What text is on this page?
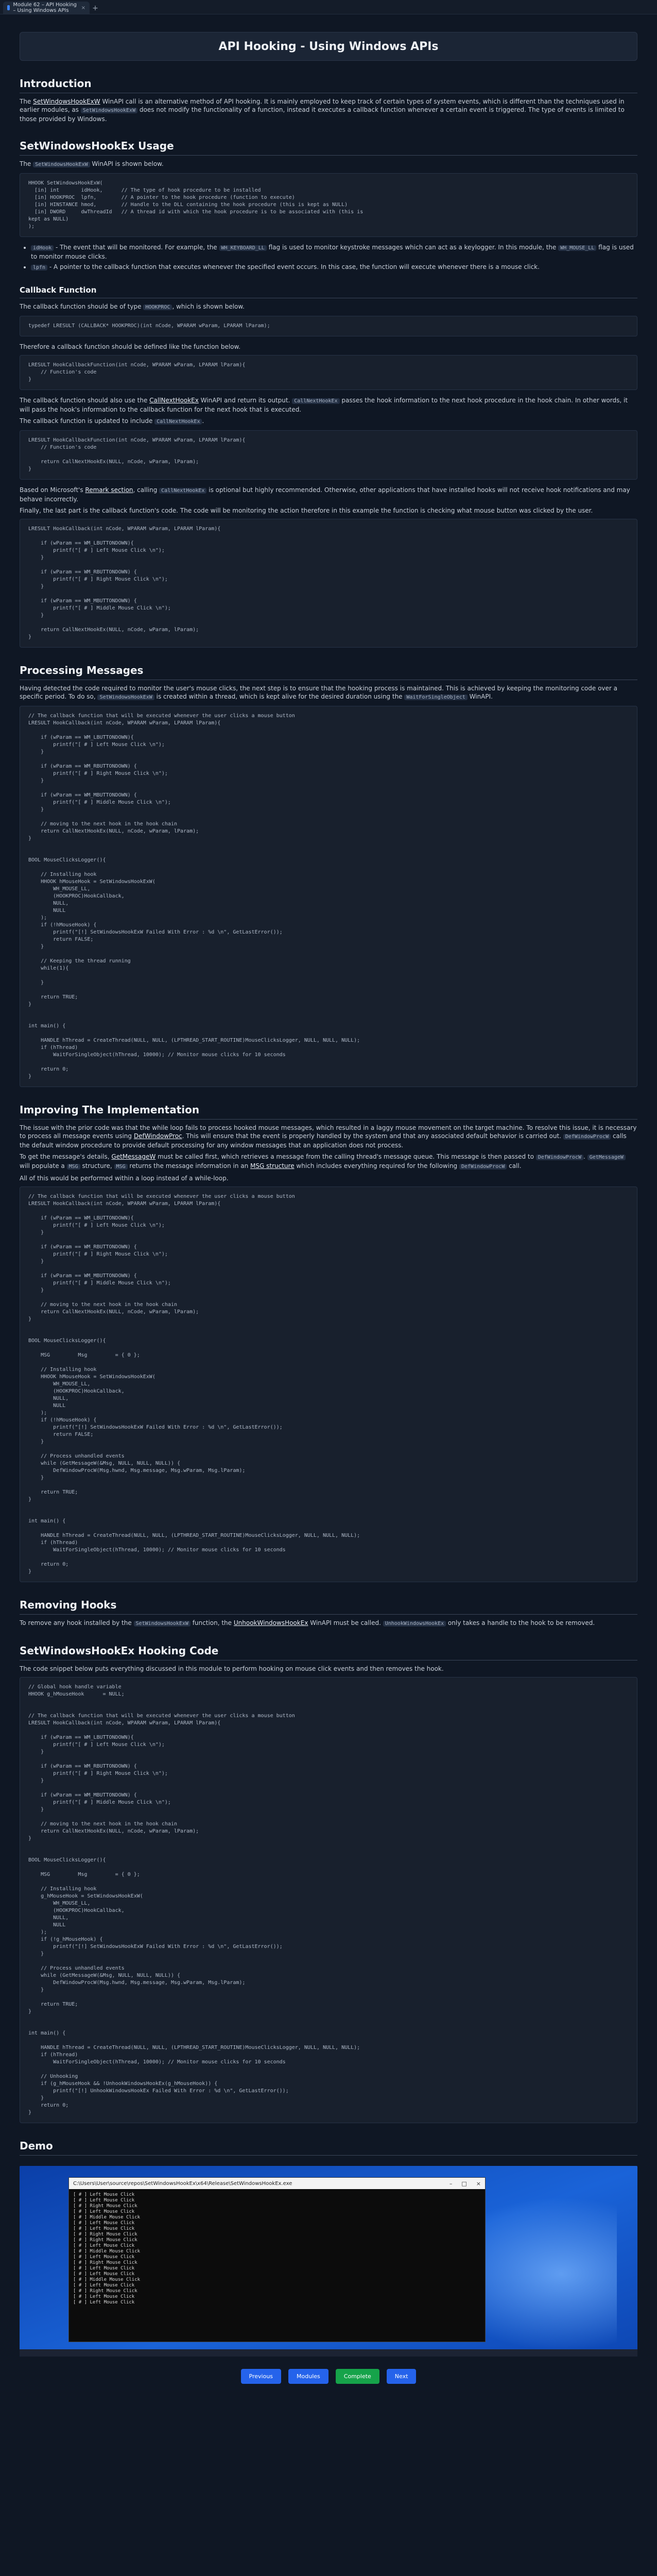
Module 62 – API Hooking – Using Windows APIs	× +
API Hooking - Using Windows APIs
Introduction

The SetWindowsHookExW WinAPI call is an alternative method of API hooking. It is mainly employed to keep track of certain types of system events, which is different than the techniques used in earlier modules, as SetWindowsHookExW does not modify the functionality of a function, instead it executes a callback function whenever a certain event is triggered. The type of events is limited to those provided by Windows.

SetWindowsHookEx Usage

The SetWindowsHookExW WinAPI is shown below.

HHOOK SetWindowsHookExW(
[in] int       idHook,      // The type of hook procedure to be installed
[in] HOOKPROC  lpfn,        // A pointer to the hook procedure (function to execute)
[in] HINSTANCE hmod,        // Handle to the DLL containing the hook procedure (this is kept as NULL)
[in] DWORD     dwThreadId   // A thread id with which the hook procedure is to be associated with (this is
kept as NULL)
);
• idHook - The event that will be monitored. For example, the WH_KEYBOARD_LL flag is used to monitor keystroke messages which can act as a keylogger. In this module, the WH_MOUSE_LL flag is used to monitor mouse clicks.
• lpfn - A pointer to the callback function that executes whenever the specified event occurs. In this case, the function will execute whenever there is a mouse click.
Callback Function

The callback function should be of type HOOKPROC , which is shown below.

typedef LRESULT (CALLBACK* HOOKPROC)(int nCode, WPARAM wParam, LPARAM lParam);

Therefore a callback function should be defined like the function below.

LRESULT HookCallbackFunction(int nCode, WPARAM wParam, LPARAM lParam){
// Function's code
}

The callback function should also use the CallNextHookEx WinAPI and return its output. CallNextHookEx passes the hook information to the next hook procedure in the hook chain. In other words, it will pass the hook's information to the callback function for the next hook that is executed.

The callback function is updated to include CallNextHookEx .

LRESULT HookCallbackFunction(int nCode, WPARAM wParam, LPARAM lParam){
// Function's code

return CallNextHookEx(NULL, nCode, wParam, lParam);
}

Based on Microsoft's Remark section, calling CallNextHookEx is optional but highly recommended. Otherwise, other applications that have installed hooks will not receive hook notifications and may behave incorrectly.

Finally, the last part is the callback function's code. The code will be monitoring the action therefore in this example the function is checking what mouse button was clicked by the user.

LRESULT HookCallback(int nCode, WPARAM wParam, LPARAM lParam){

if (wParam == WM_LBUTTONDOWN){
printf("[ # ] Left Mouse Click \n");
}

if (wParam == WM_RBUTTONDOWN) {
printf("[ # ] Right Mouse Click \n");
}

if (wParam == WM_MBUTTONDOWN) {
printf("[ # ] Middle Mouse Click \n");
}

return CallNextHookEx(NULL, nCode, wParam, lParam);
}
Processing Messages

Having detected the code required to monitor the user's mouse clicks, the next step is to ensure that the hooking process is maintained. This is achieved by keeping the monitoring code over a specific period. To do so, SetWindowsHookExW is created within a thread, which is kept alive for the desired duration using the WaitForSingleObject WinAPI.

// The callback function that will be executed whenever the user clicks a mouse button
LRESULT HookCallback(int nCode, WPARAM wParam, LPARAM lParam){

if (wParam == WM_LBUTTONDOWN){
printf("[ # ] Left Mouse Click \n");
}

if (wParam == WM_RBUTTONDOWN) {
printf("[ # ] Right Mouse Click \n");
}

if (wParam == WM_MBUTTONDOWN) {
printf("[ # ] Middle Mouse Click \n");
}

// moving to the next hook in the hook chain
return CallNextHookEx(NULL, nCode, wParam, lParam);
}

BOOL MouseClicksLogger(){

// Installing hook
HHOOK hMouseHook = SetWindowsHookExW(
WH_MOUSE_LL,
(HOOKPROC)HookCallback,
NULL,
NULL
);
if (!hMouseHook) {
printf("[!] SetWindowsHookExW Failed With Error : %d \n", GetLastError());
return FALSE;
}

// Keeping the thread running
while(1){

}

return TRUE;
}

int main() {

HANDLE hThread = CreateThread(NULL, NULL, (LPTHREAD_START_ROUTINE)MouseClicksLogger, NULL, NULL, NULL);
if (hThread)
WaitForSingleObject(hThread, 10000); // Monitor mouse clicks for 10 seconds

return 0;
}
Improving The Implementation

The issue with the prior code was that the while loop fails to process hooked mouse messages, which resulted in a laggy mouse movement on the target machine. To resolve this issue, it is necessary to process all message events using DefWindowProc. This will ensure that the event is properly handled by the system and that any associated default behavior is carried out. DefWindowProcW calls the default window procedure to provide default processing for any window messages that an application does not process.

To get the message's details, GetMessageW must be called first, which retrieves a message from the calling thread's message queue. This message is then passed to DefWindowProcW . GetMessageW will populate a MSG structure, MSG returns the message information in an MSG structure which includes everything required for the following DefWindowProcW call.

All of this would be performed within a loop instead of a while-loop.

// The callback function that will be executed whenever the user clicks a mouse button
LRESULT HookCallback(int nCode, WPARAM wParam, LPARAM lParam){

if (wParam == WM_LBUTTONDOWN){
printf("[ # ] Left Mouse Click \n");
}

if (wParam == WM_RBUTTONDOWN) {
printf("[ # ] Right Mouse Click \n");
}

if (wParam == WM_MBUTTONDOWN) {
printf("[ # ] Middle Mouse Click \n");
}

// moving to the next hook in the hook chain
return CallNextHookEx(NULL, nCode, wParam, lParam);
}

BOOL MouseClicksLogger(){

MSG         Msg         = { 0 };

// Installing hook
HHOOK hMouseHook = SetWindowsHookExW(
WH_MOUSE_LL,
(HOOKPROC)HookCallback,
NULL,
NULL
);
if (!hMouseHook) {
printf("[!] SetWindowsHookExW Failed With Error : %d \n", GetLastError());
return FALSE;
}

// Process unhandled events
while (GetMessageW(&Msg, NULL, NULL, NULL)) {
DefWindowProcW(Msg.hwnd, Msg.message, Msg.wParam, Msg.lParam);
}

return TRUE;
}

int main() {

HANDLE hThread = CreateThread(NULL, NULL, (LPTHREAD_START_ROUTINE)MouseClicksLogger, NULL, NULL, NULL);
if (hThread)
WaitForSingleObject(hThread, 10000); // Monitor mouse clicks for 10 seconds

return 0;
}
Removing Hooks

To remove any hook installed by the SetWindowsHookExW function, the UnhookWindowsHookEx WinAPI must be called. UnhookWindowsHookEx only takes a handle to the hook to be removed.

SetWindowsHookEx Hooking Code

The code snippet below puts everything discussed in this module to perform hooking on mouse click events and then removes the hook.

// Global hook handle variable
HHOOK g_hMouseHook      = NULL;

// The callback function that will be executed whenever the user clicks a mouse button
LRESULT HookCallback(int nCode, WPARAM wParam, LPARAM lParam){

if (wParam == WM_LBUTTONDOWN){
printf("[ # ] Left Mouse Click \n");
}

if (wParam == WM_RBUTTONDOWN) {
printf("[ # ] Right Mouse Click \n");
}

if (wParam == WM_MBUTTONDOWN) {
printf("[ # ] Middle Mouse Click \n");
}

// moving to the next hook in the hook chain
return CallNextHookEx(NULL, nCode, wParam, lParam);
}

BOOL MouseClicksLogger(){

MSG         Msg         = { 0 };

// Installing hook
g_hMouseHook = SetWindowsHookExW(
WH_MOUSE_LL,
(HOOKPROC)HookCallback,
NULL,
NULL
);
if (!g_hMouseHook) {
printf("[!] SetWindowsHookExW Failed With Error : %d \n", GetLastError());
}

// Process unhandled events
while (GetMessageW(&Msg, NULL, NULL, NULL)) {
DefWindowProcW(Msg.hwnd, Msg.message, Msg.wParam, Msg.lParam);
}

return TRUE;
}

int main() {

HANDLE hThread = CreateThread(NULL, NULL, (LPTHREAD_START_ROUTINE)MouseClicksLogger, NULL, NULL, NULL);
if (hThread)
WaitForSingleObject(hThread, 10000); // Monitor mouse clicks for 10 seconds

// Unhooking
if (g_hMouseHook && !UnhookWindowsHookEx(g_hMouseHook)) {
printf("[!] UnhookWindowsHookEx Failed With Error : %d \n", GetLastError());
}
return 0;
}
Demo
C:\Users\User\source\repos\SetWindowsHookEx\x64\Release\SetWindowsHookEx.exe	– □ ×
[ # ] Left Mouse Click
[ # ] Left Mouse Click
[ # ] Right Mouse Click
[ # ] Left Mouse Click
[ # ] Middle Mouse Click
[ # ] Left Mouse Click
[ # ] Left Mouse Click
[ # ] Right Mouse Click
[ # ] Right Mouse Click
[ # ] Left Mouse Click
[ # ] Middle Mouse Click
[ # ] Left Mouse Click
[ # ] Right Mouse Click
[ # ] Left Mouse Click
[ # ] Left Mouse Click
[ # ] Middle Mouse Click
[ # ] Left Mouse Click
[ # ] Right Mouse Click
[ # ] Left Mouse Click
[ # ] Left Mouse Click
Previous	Modules	Complete	Next
